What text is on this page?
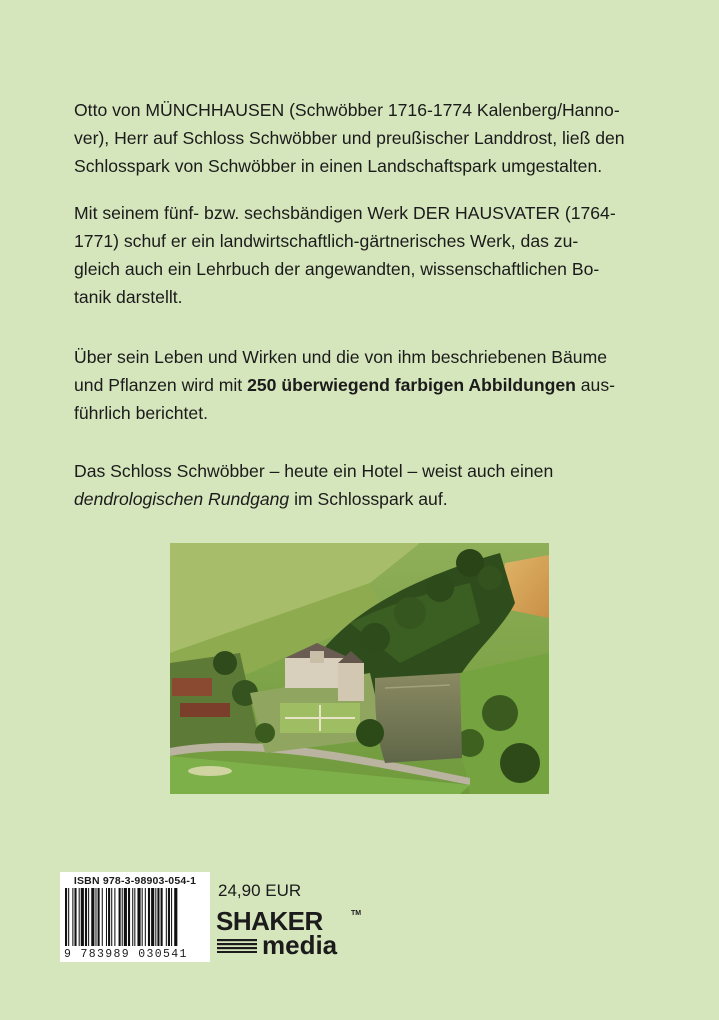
Otto von MÜNCHHAUSEN (Schwöbber 1716-1774 Kalenberg/Hanno-

ver), Herr auf Schloss Schwöbber und preußischer Landdrost, ließ den

Schlosspark von Schwöbber in einen Landschaftspark umgestalten.

Mit seinem fünf- bzw. sechsbändigen Werk DER HAUSVATER (1764-

1771) schuf er ein landwirtschaftlich-gärtnerisches Werk, das zu-

gleich auch ein Lehrbuch der angewandten, wissenschaftlichen Bo-

tanik darstellt.

Über sein Leben und Wirken und die von ihm beschriebenen Bäume

und Pflanzen wird mit 250 überwiegend farbigen Abbildungen aus-

führlich berichtet.

Das Schloss Schwöbber – heute ein Hotel – weist auch einen

dendrologischen Rundgang im Schlosspark auf.

ISBN 978-3-98903-054-1
9 783989 030541
24,90 EUR
SHAKER	TM
media
